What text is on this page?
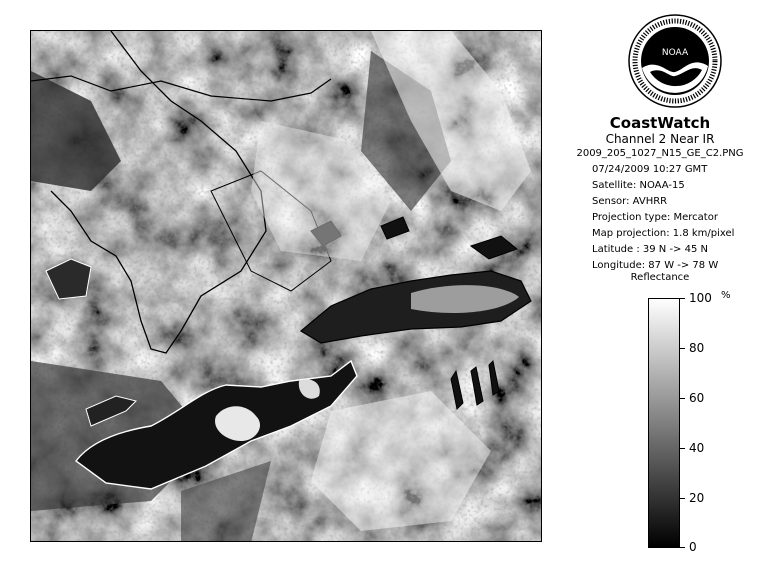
NOAA
CoastWatch
Channel 2 Near IR
2009_205_1027_N15_GE_C2.PNG
07/24/2009 10:27 GMT
Satellite: NOAA-15
Sensor: AVHRR
Projection type: Mercator
Map projection: 1.8 km/pixel
Latitude : 39 N -> 45 N
Longitude: 87 W -> 78 W
Reflectance
%
100
80
60
40
20
0
